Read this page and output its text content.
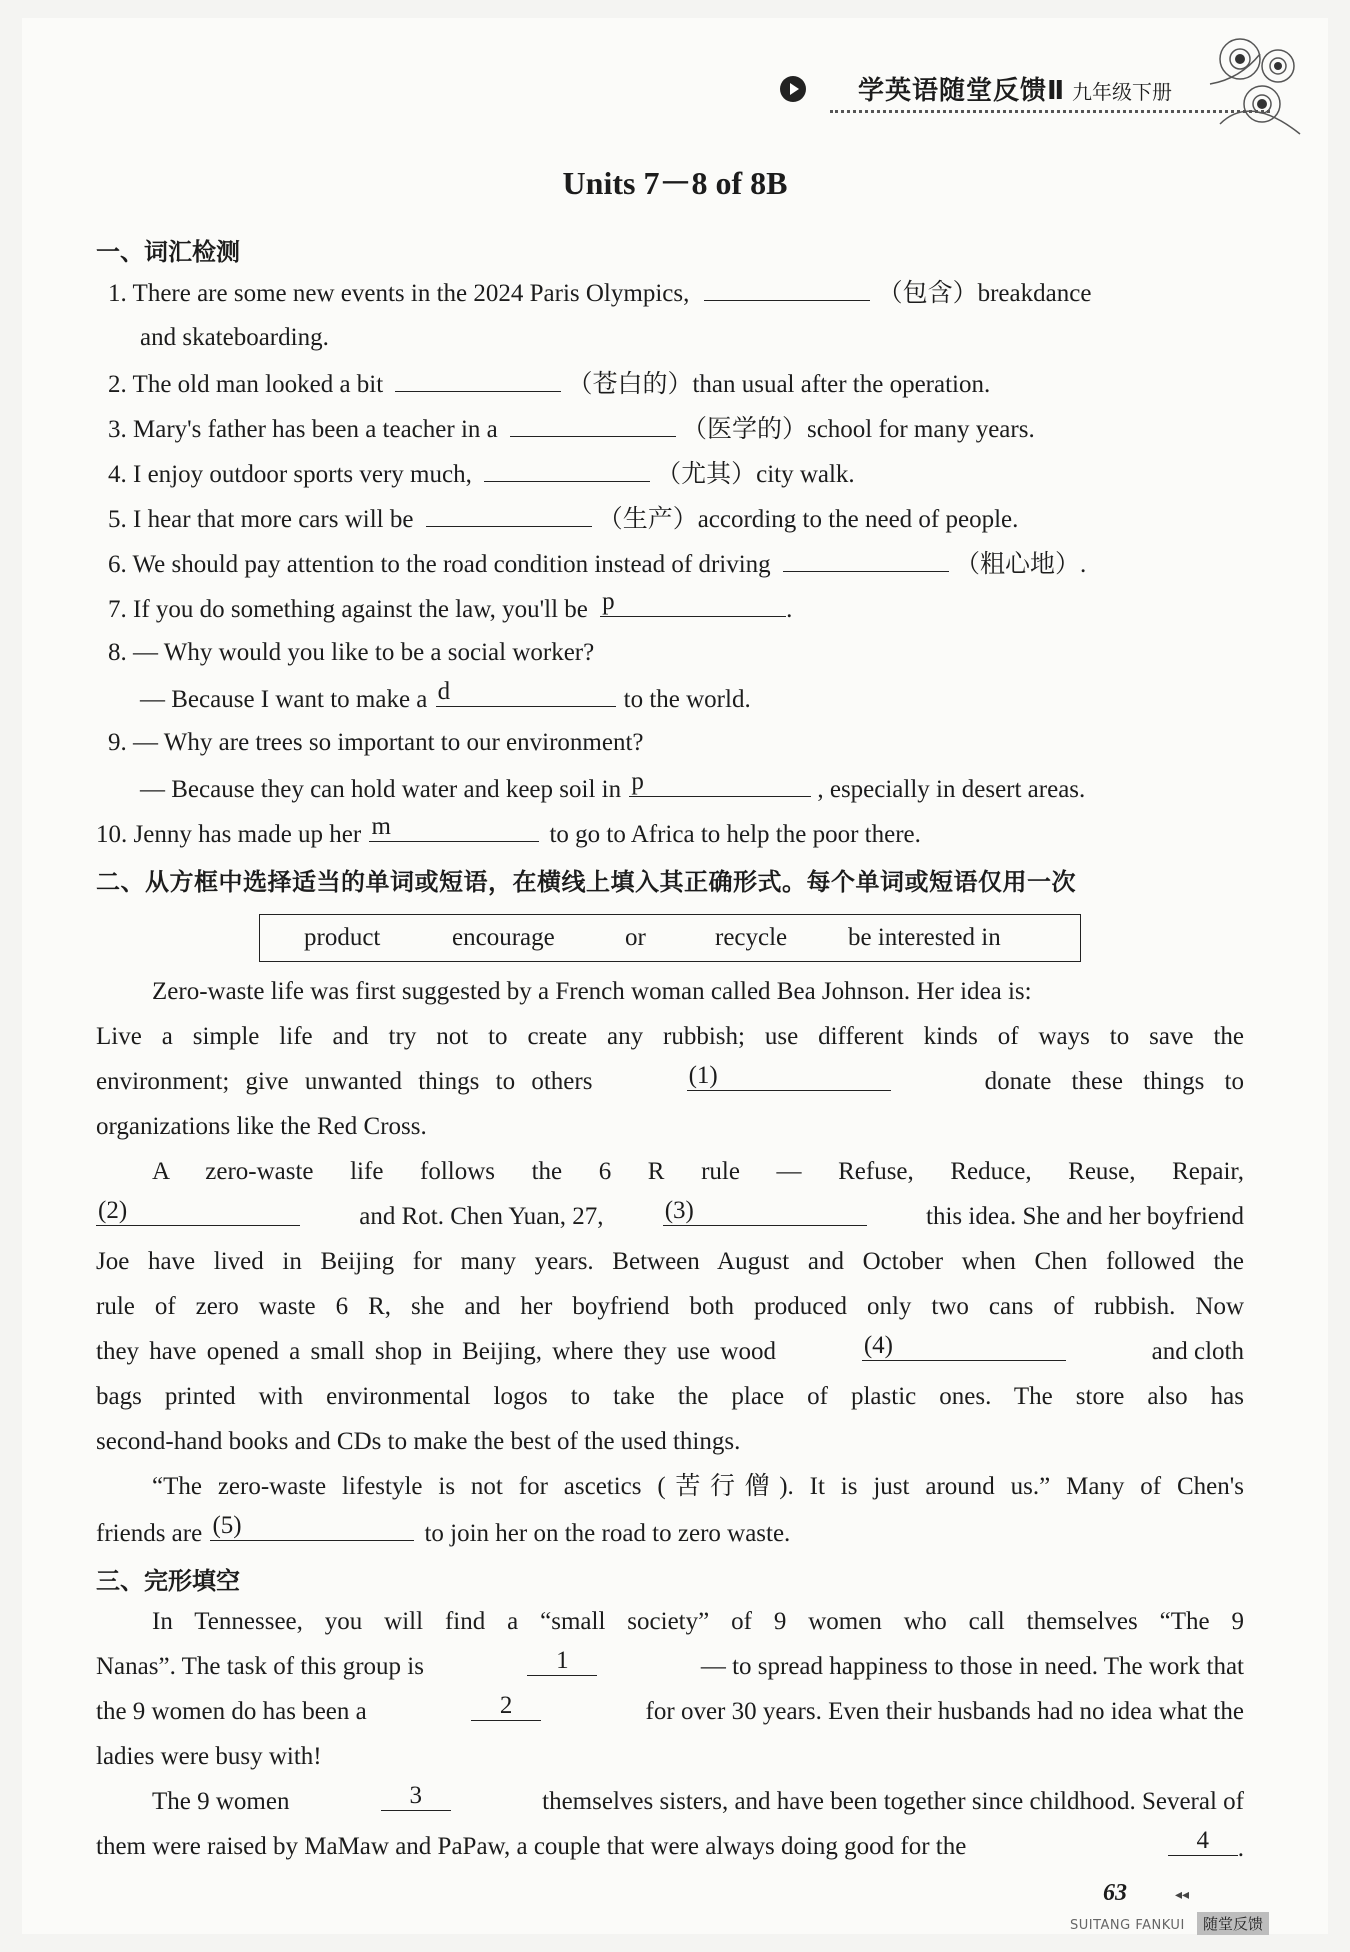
学英语随堂反馈Ⅱ 九年级下册
Units 7－8 of 8B
一、词汇检测
1. There are some new events in the 2024 Paris Olympics,	（包含）breakdance
and skateboarding.
2. The old man looked a bit	（苍白的）than usual after the operation.
3. Mary's father has been a teacher in a	（医学的）school for many years.
4. I enjoy outdoor sports very much,	（尤其）city walk.
5. I hear that more cars will be	（生产）according to the need of people.
6. We should pay attention to the road condition instead of driving	（粗心地）.
7. If you do something against the law, you'll be p	.
8. — Why would you like to be a social worker?
— Because I want to make a d	to the world.
9. — Why are trees so important to our environment?
— Because they can hold water and keep soil in p	, especially in desert areas.
10. Jenny has made up her m	to go to Africa to help the poor there.
二、从方框中选择适当的单词或短语，在横线上填入其正确形式。每个单词或短语仅用一次
product	encourage	or	recycle be interested in
Zero-waste life was first suggested by a French woman called Bea Johnson. Her idea is:
Live a simple life and try not to create any rubbish; use different kinds of ways to save the
environment; give unwanted things to others	(1)	donate these things to
organizations like the Red Cross.
A zero-waste life follows the 6 R rule — Refuse, Reduce, Reuse, Repair,
(2)	and Rot. Chen Yuan, 27, (3)	this idea. She and her boyfriend
Joe have lived in Beijing for many years. Between August and October when Chen followed the
rule of zero waste 6 R, she and her boyfriend both produced only two cans of rubbish. Now
they have opened a small shop in Beijing, where they use wood	(4)	and cloth
bags printed with environmental logos to take the place of plastic ones. The store also has
second-hand books and CDs to make the best of the used things.
“The zero-waste lifestyle is not for ascetics (苦行僧). It is just around us.” Many of Chen's
friends are (5)	to join her on the road to zero waste.
三、完形填空
In Tennessee, you will find a “small society” of 9 women who call themselves “The 9
Nanas”. The task of this group is	1	— to spread happiness to those in need. The work that
the 9 women do has been a	2	for over 30 years. Even their husbands had no idea what the
ladies were busy with!
The 9 women	3	themselves sisters, and have been together since childhood. Several of
them were raised by MaMaw and PaPaw, a couple that were always doing good for the	4	.
63	◂◂
SUITANG FANKUI	随堂反馈
